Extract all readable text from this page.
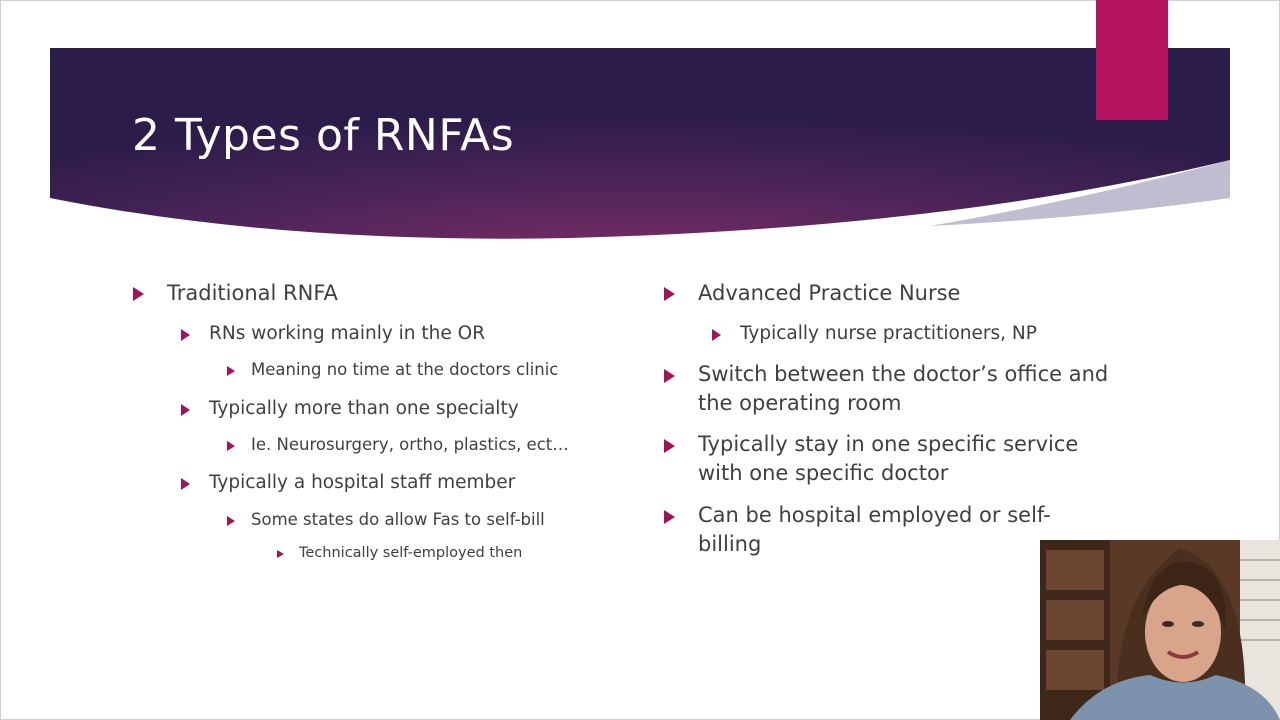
2 Types of RNFAs
Traditional RNFA
RNs working mainly in the OR
Meaning no time at the doctors clinic
Typically more than one specialty
Ie. Neurosurgery, ortho, plastics, ect…
Typically a hospital staff member
Some states do allow Fas to self-bill
Technically self-employed then
Advanced Practice Nurse
Typically nurse practitioners, NP
Switch between the doctor’s office and the operating room
Typically stay in one specific service with one specific doctor
Can be hospital employed or self-billing
